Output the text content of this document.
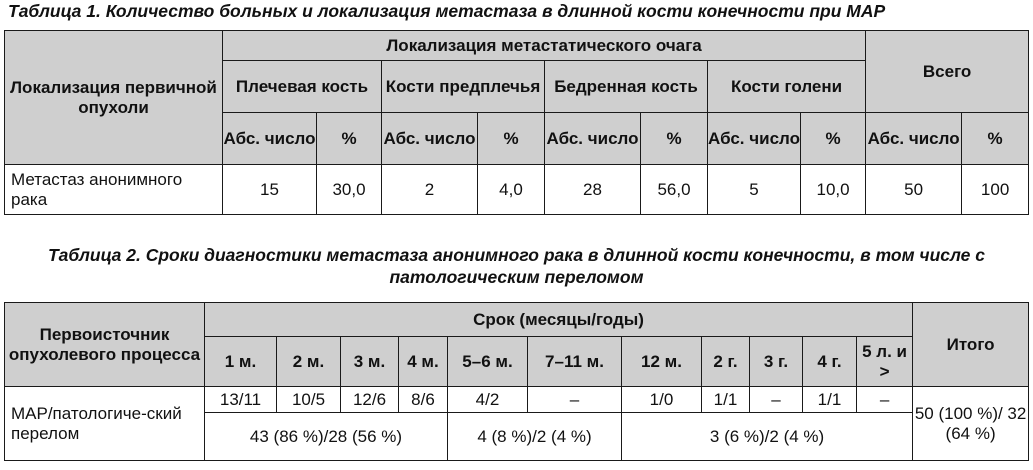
Таблица 1. Количество больных и локализация метастаза в длинной кости конечности при МАР
Локализация первичной опухоли	Локализация метастатического очага								Всего	
	Плечевая кость		Кости предплечья		Бедренная кость		Кости голени			
	Абс. число	%	Абс. число	%	Абс. число	%	Абс. число	%	Абс. число	%
Метастаз анонимного рака	15	30,0	2	4,0	28	56,0	5	10,0	50	100
Таблица 2. Сроки диагностики метастаза анонимного рака в длинной кости конечности, в том числе с патологическим переломом
Первоисточник опухолевого процесса	Срок (месяцы/годы)											Итого
	1 м.	2 м.	3 м.	4 м.	5–6 м.	7–11 м.	12 м.	2 г.	3 г.	4 г.	5 л. и >	
МАР/патологиче-ский перелом	13/11	10/5	12/6	8/6	4/2	–	1/0	1/1	–	1/1	–	50 (100 %)/ 32 (64 %)
	43 (86 %)/28 (56 %)				4 (8 %)/2 (4 %)		3 (6 %)/2 (4 %)					
